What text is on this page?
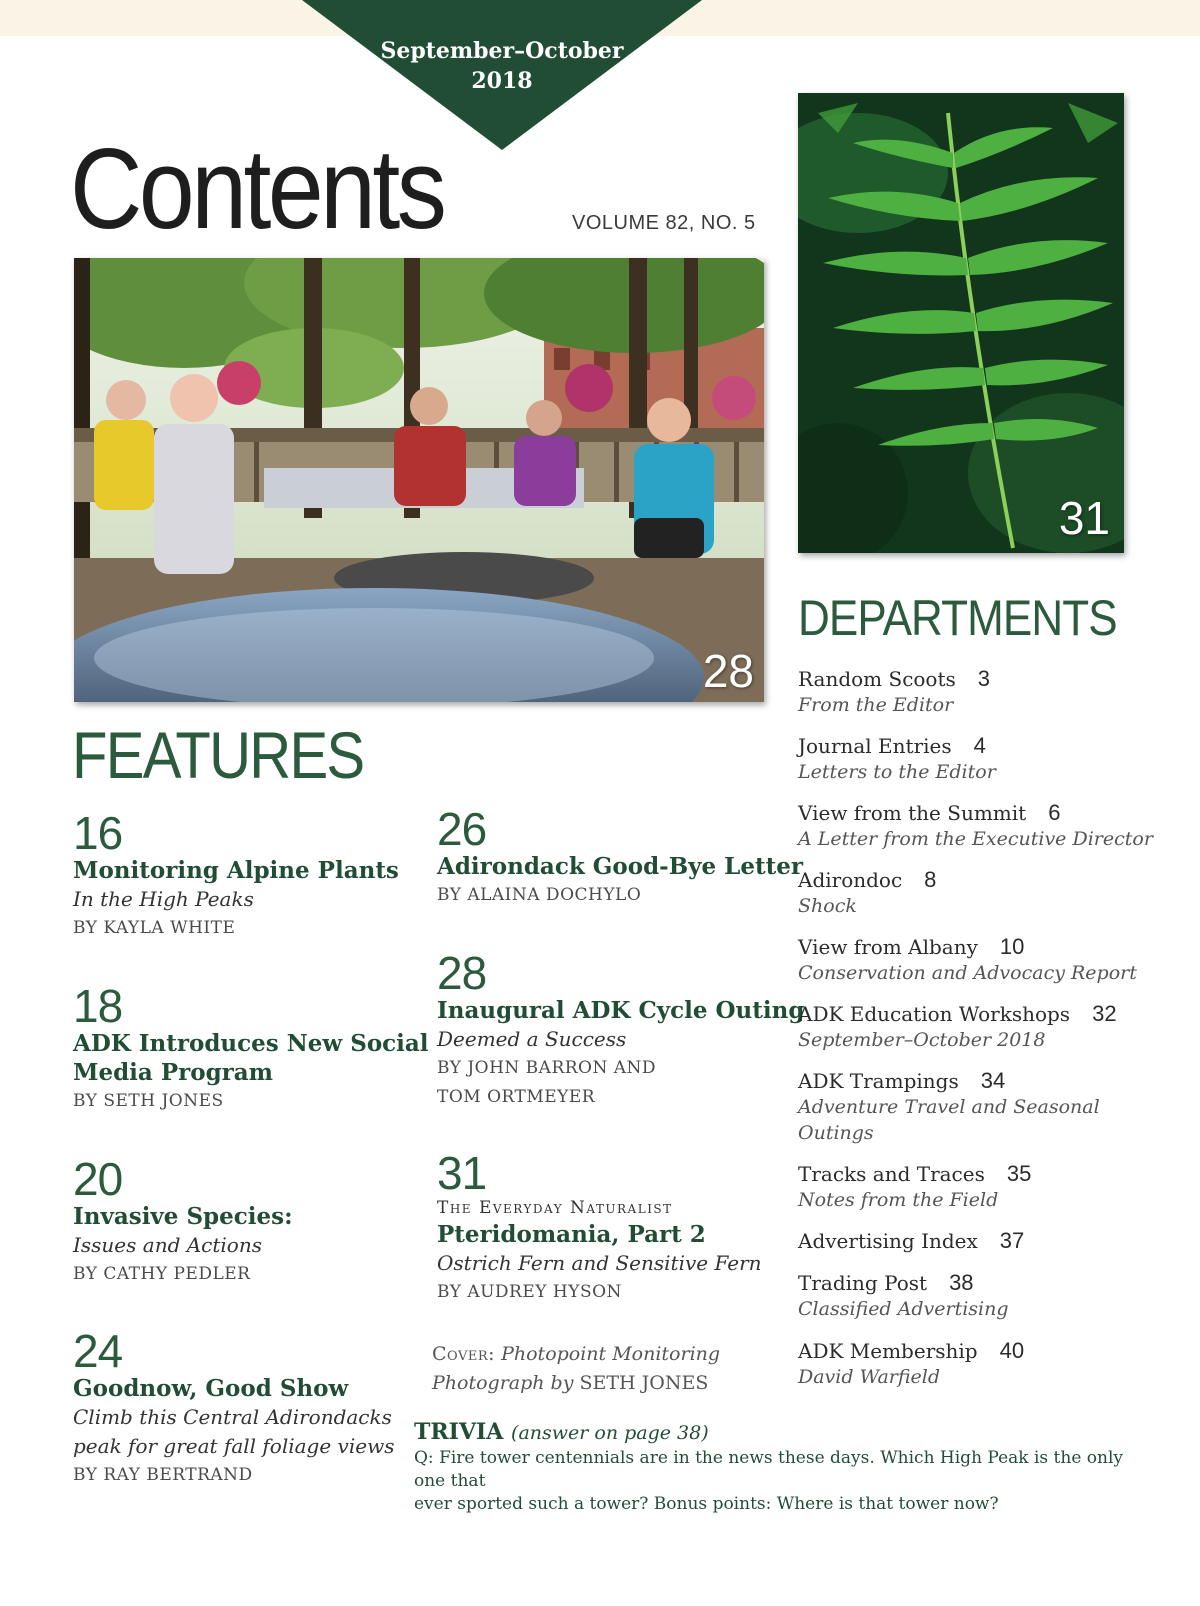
September–October
2018
Contents	VOLUME 82, NO. 5
28
31
FEATURES
16
Monitoring Alpine Plants
In the High Peaks
BY KAYLA WHITE
18
ADK Introduces New Social
Media Program
BY SETH JONES
20
Invasive Species:
Issues and Actions
BY CATHY PEDLER
24
Goodnow, Good Show
Climb this Central Adirondacks
peak for great fall foliage views
BY RAY BERTRAND
26
Adirondack Good-Bye Letter
BY ALAINA DOCHYLO
28
Inaugural ADK Cycle Outing
Deemed a Success
BY JOHN BARRON AND
TOM ORTMEYER
31
The Everyday Naturalist
Pteridomania, Part 2
Ostrich Fern and Sensitive Fern
BY AUDREY HYSON
Cover: Photopoint Monitoring
Photograph by SETH JONES
DEPARTMENTS
Random Scoots 3
From the Editor
Journal Entries 4
Letters to the Editor
View from the Summit 6
A Letter from the Executive Director
Adirondoc 8
Shock
View from Albany 10
Conservation and Advocacy Report
ADK Education Workshops 32
September–October 2018
ADK Trampings 34
Adventure Travel and Seasonal
Outings
Tracks and Traces 35
Notes from the Field
Advertising Index 37
Trading Post 38
Classified Advertising
ADK Membership 40
David Warfield
TRIVIA (answer on page 38)
Q: Fire tower centennials are in the news these days. Which High Peak is the only one that
ever sported such a tower? Bonus points: Where is that tower now?
